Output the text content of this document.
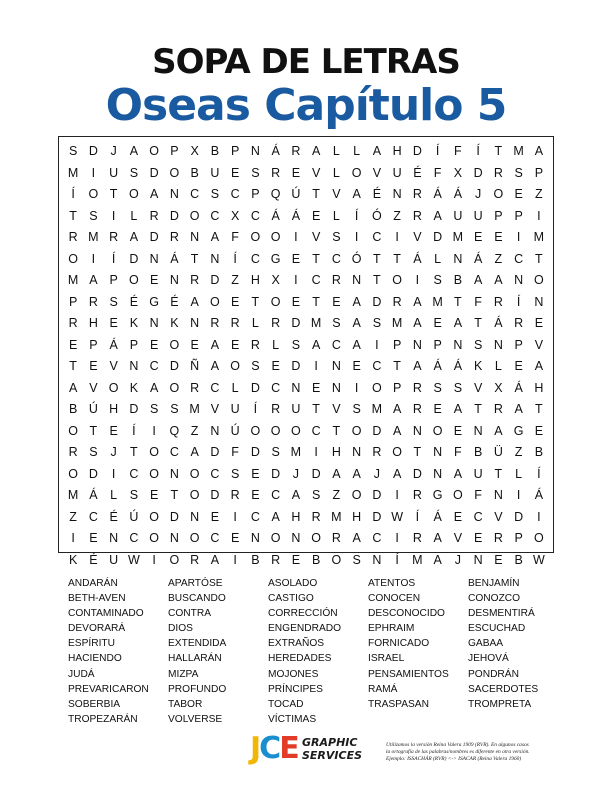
SOPA DE LETRAS
Oseas Capítulo 5
S D	J	A O P X B P N Á R A	L	L	A H D	Í	F	Í	T M A
M	I	U S D O B U E S R E V	L O V U É F X D R S P
Í	O T O A N C S C P Q Ú T V A É N R Á Á	J O E Z
T S	I	L R D O C X C Á Á E	L	Í	Ó Z R A U U P P	I
R M R A D R N A F O O	I	V S	I	C	I	V D M E E	I	M
O	I	Í	D N Á T N	Í	C G E T C Ó T	T Á	L N Á Z C T
M A P O E N R D Z H X	I	C R N T O	I	S B A A N O
P R S É G É A O E T O E T E A D R A M T	F R	Í	N
R H E K N K N R R L R D M S A S M A E A T Á R E
E P Á P E O E A E R L	S A C A	I	P N P N S N P V
T E V N C D Ñ A O S E D	I	N E C T A Á Á K	L	E A
A V O K A O R C L D C N E N	I	O P R S S V X Á H
B Ú H D S S M V U	Í	R U T V S M A R E A T R A T
O T E	Í	I	Q Z N Ú O O O C T O D A N O E N A G E
R S	J	T O C A D F D S M	I	H N R O T N F B Ü Z B
O D	I	C O N O C S E D	J	D A A	J	A D N A U T	L	Í
M Á	L	S E T O D R E C A S Z O D	I	R G O F N	I	Á
Z C É Ú O D N E	I	C A H R M H D W	Í	Á E C V D	I
I	E N C O N O C E N O N O R A C	I	R A V E R P O
K É U W	I	O R A	I	B R E B O S N	Í	M A	J	N E B W
ANDARÁN
BETH-AVEN
CONTAMINADO
DEVORARÁ
ESPÍRITU
HACIENDO
JUDÁ
PREVARICARON
SOBERBIA
TROPEZARÁN
APARTÓSE
BUSCANDO
CONTRA
DIOS
EXTENDIDA
HALLARÁN
MIZPA
PROFUNDO
TABOR
VOLVERSE
ASOLADO
CASTIGO
CORRECCIÓN
ENGENDRADO
EXTRAÑOS
HEREDADES
MOJONES
PRÍNCIPES
TOCAD
VÍCTIMAS
ATENTOS
CONOCEN
DESCONOCIDO
EPHRAIM
FORNICADO
ISRAEL
PENSAMIENTOS
RAMÁ
TRASPASAN
BENJAMÍN
CONOZCO
DESMENTIRÁ
ESCUCHAD
GABAA
JEHOVÁ
PONDRÁN
SACERDOTES
TROMPRETA
JCE GRAPHIC
SERVICES
Utilizamos la versión Reina Valera 1909 (RVR). En algunos casos
la ortografía de las palabras/nombres es diferente en otra versión.
Ejemplo: ISSACHÁR (RVR) <-> ISACAR (Reina Valera 1960)
